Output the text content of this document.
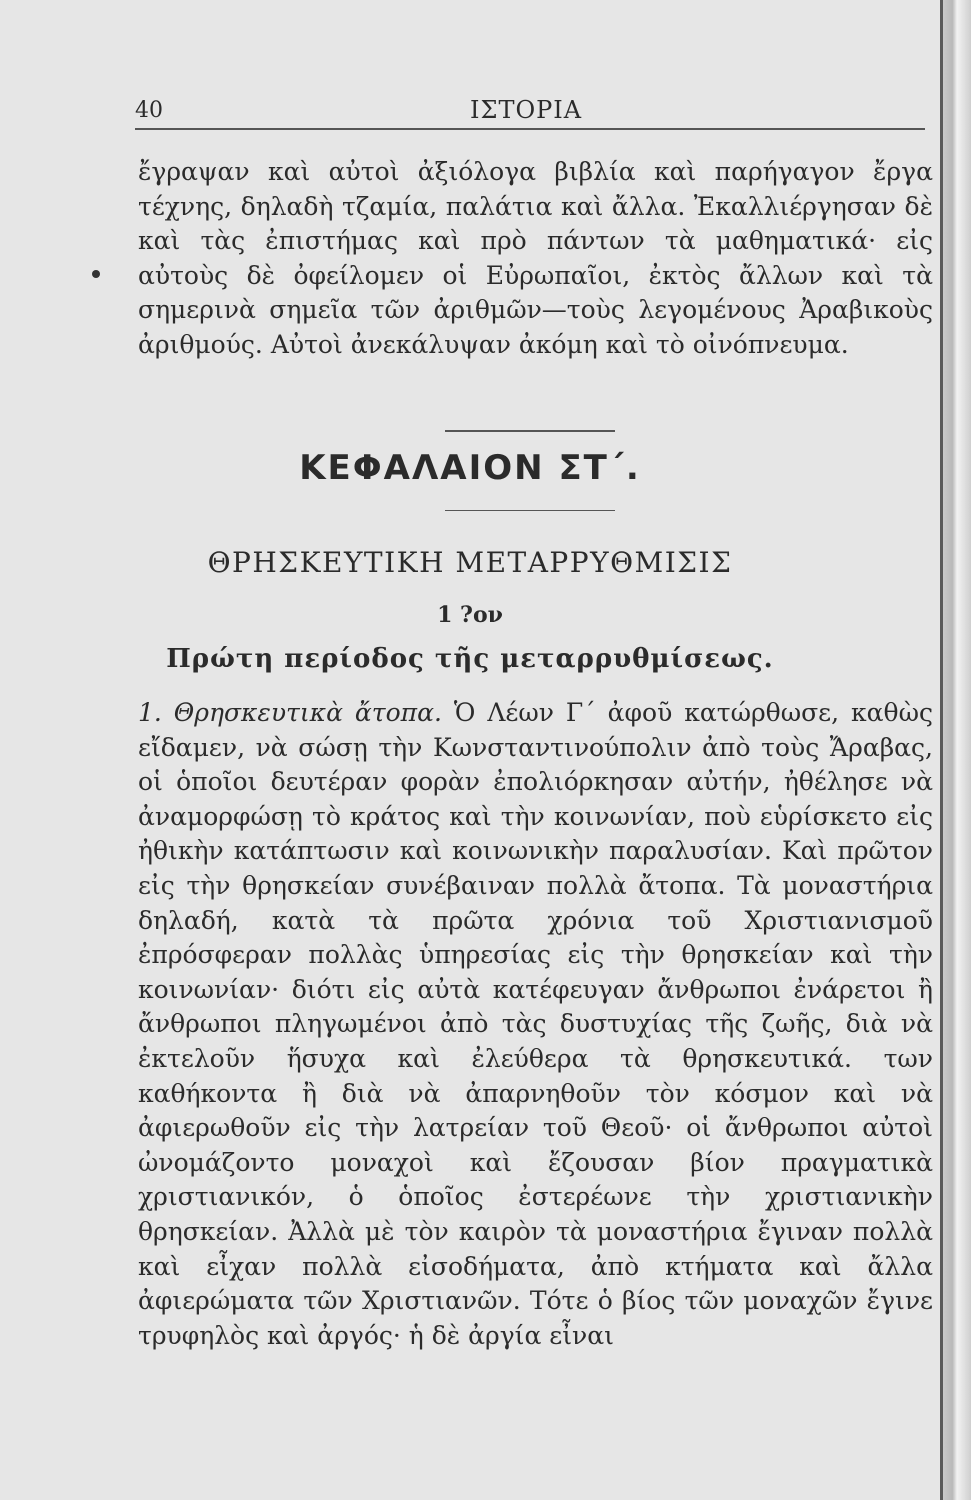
40	ΙΣΤΟΡΙΑ

ἔγραψαν καὶ αὐτοὶ ἀξιόλογα βιβλία καὶ παρήγαγον ἔργα τέχνης, δηλαδὴ τζαμία, παλάτια καὶ ἄλλα. Ἐκαλλιέργησαν δὲ καὶ τὰς ἐπιστήμας καὶ πρὸ πάντων τὰ μαθηματικά· εἰς αὐτοὺς δὲ ὀφείλομεν οἱ Εὐρωπαῖοι, ἐκτὸς ἄλλων καὶ τὰ σημερινὰ σημεῖα τῶν ἀριθμῶν—τοὺς λεγομένους Ἀραβικοὺς ἀριθμούς. Αὐτοὶ ἀνεκάλυψαν ἀκόμη καὶ τὸ οἰνόπνευμα.

ΚΕΦΑΛΑΙΟΝ ΣΤ΄.
ΘΡΗΣΚΕΥΤΙΚΗ ΜΕΤΑΡΡΥΘΜΙΣΙΣ
1 ?ον
Πρώτη περίοδος τῆς μεταρρυθμίσεως.

1. Θρησκευτικὰ ἄτοπα. Ὁ Λέων Γ΄ ἀφοῦ κατώρθωσε, καθὼς εἴδαμεν, νὰ σώσῃ τὴν Κωνσταντινούπολιν ἀπὸ τοὺς Ἄραβας, οἱ ὁποῖοι δευτέραν φορὰν ἐπολιόρκησαν αὐτήν, ἠθέλησε νὰ ἀναμορφώσῃ τὸ κράτος καὶ τὴν κοινωνίαν, ποὺ εὑρίσκετο εἰς ἠθικὴν κατάπτωσιν καὶ κοινωνικὴν παραλυσίαν. Καὶ πρῶτον εἰς τὴν θρησκείαν συνέβαιναν πολλὰ ἄτοπα. Τὰ μοναστήρια δηλαδή, κατὰ τὰ πρῶτα χρόνια τοῦ Χριστιανισμοῦ ἐπρόσφεραν πολλὰς ὑπηρεσίας εἰς τὴν θρησκείαν καὶ τὴν κοινωνίαν· διότι εἰς αὐτὰ κατέφευγαν ἄνθρωποι ἐνάρετοι ἢ ἄνθρωποι πληγωμένοι ἀπὸ τὰς δυστυχίας τῆς ζωῆς, διὰ νὰ ἐκτελοῦν ἥσυχα καὶ ἐλεύθερα τὰ θρησκευτικά. των καθήκοντα ἢ διὰ νὰ ἀπαρνηθοῦν τὸν κόσμον καὶ νὰ ἀφιερωθοῦν εἰς τὴν λατρείαν τοῦ Θεοῦ· οἱ ἄνθρωποι αὐτοὶ ὠνομάζοντο μοναχοὶ καὶ ἔζουσαν βίον πραγματικὰ χριστιανικόν, ὁ ὁποῖος ἐστερέωνε τὴν χριστιανικὴν θρησκείαν. Ἀλλὰ μὲ τὸν καιρὸν τὰ μοναστήρια ἔγιναν πολλὰ καὶ εἶχαν πολλὰ εἰσοδήματα, ἀπὸ κτήματα καὶ ἄλλα ἀφιερώματα τῶν Χριστιανῶν. Τότε ὁ βίος τῶν μοναχῶν ἔγινε τρυφηλὸς καὶ ἀργός· ἡ δὲ ἀργία εἶναι
